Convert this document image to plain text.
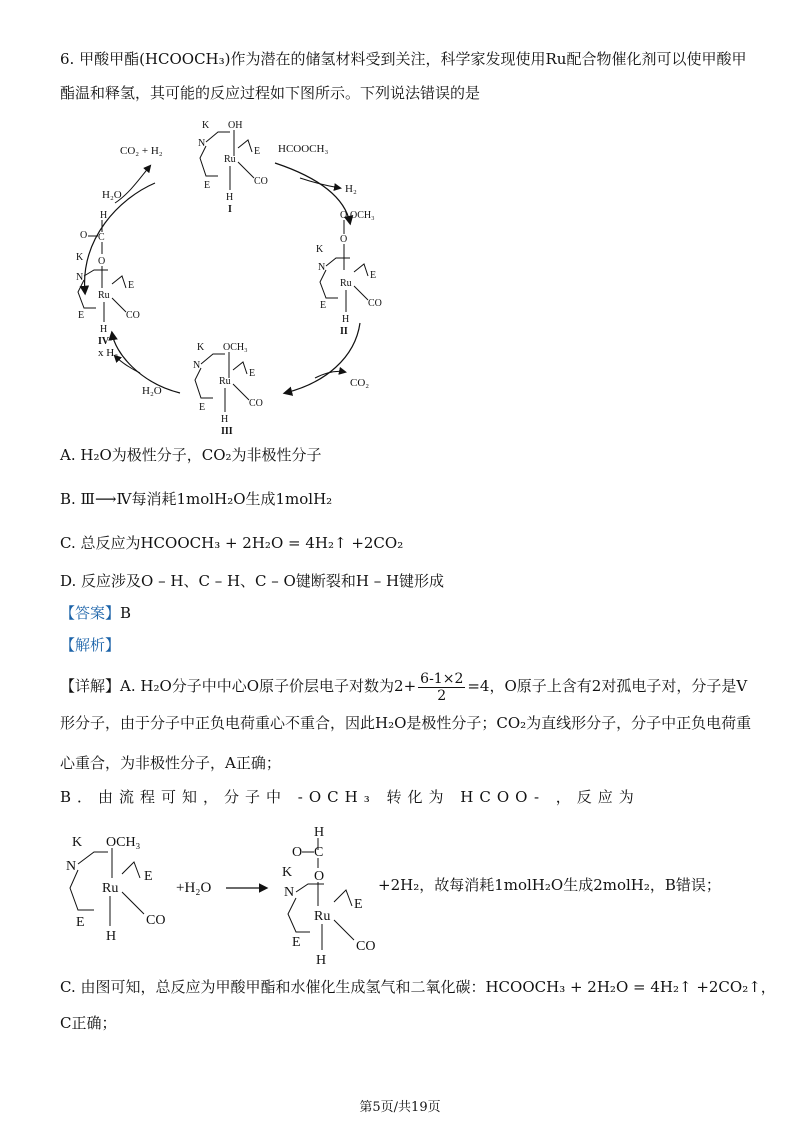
6. 甲酸甲酯(HCOOCH₃)作为潜在的储氢材料受到关注，科学家发现使用Ru配合物催化剂可以使甲酸甲
酯温和释氢，其可能的反应过程如下图所示。下列说法错误的是
CO₂ + H₂
H₂O
HCOOCH₃
H₂
CO₂
x H₂
H₂O
K OH
N
Ru
E
E	CO
H
I
O OCH₃
O
K
N
Ru
E
E	CO
H
II
K OCH₃
N
Ru
E
E	CO
H
III
H
O C
O
K
N
Ru
E
E	CO
H
IV
A. H₂O为极性分子，CO₂为非极性分子
B. Ⅲ⟶Ⅳ每消耗1molH₂O生成1molH₂
C. 总反应为HCOOCH₃ + 2H₂O = 4H₂↑ +2CO₂
D. 反应涉及O – H、C – H、C – O键断裂和H – H键形成
【答案】B
【解析】
【详解】A. H₂O分子中中心O原子价层电子对数为$2+ \frac{6-1\times 2}{2} =4$，O原子上含有2对孤电子对，分子是V
形分子，由于分子中正负电荷重心不重合，因此H₂O是极性分子；CO₂为直线形分子，分子中正负电荷重
心重合，为非极性分子，A正确；
B．由流程可知，分子中 -OCH₃ 转化为 HCOO- ，反应为
K OCH₃
N
Ru
E
E	CO
H
+H₂O
H
O C
O
K
N
Ru
E
E	CO
H
+2H₂，故每消耗1molH₂O生成2molH₂，B错误；
C. 由图可知，总反应为甲酸甲酯和水催化生成氢气和二氧化碳：HCOOCH₃ + 2H₂O = 4H₂↑ +2CO₂↑，
C正确；
第5页/共19页
